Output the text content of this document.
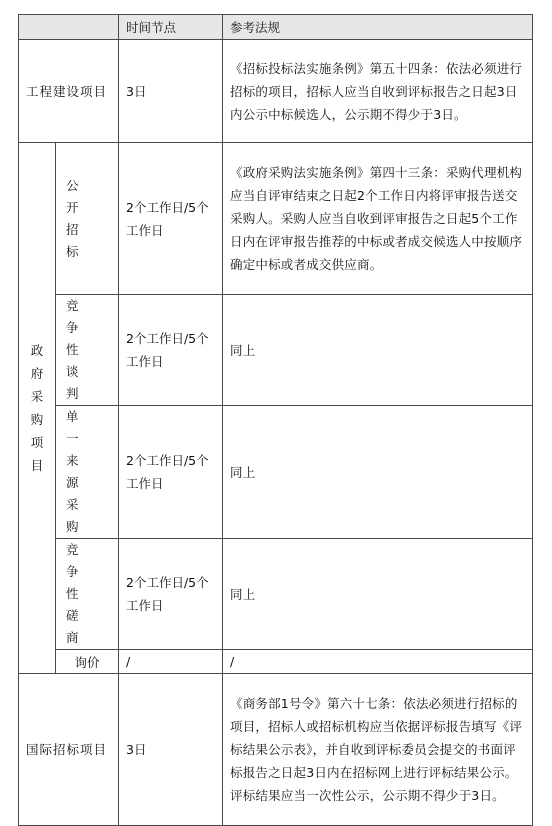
		时间节点	参考法规
工程建设项目		3日	《招标投标法实施条例》第五十四条：依法必须进行招标的项目，招标人应当自收到评标报告之日起3日内公示中标候选人，公示期不得少于3日。

政府采购项目	公开招标	2个工作日/5个工作日	《政府采购法实施条例》第四十三条：采购代理机构应当自评审结束之日起2个工作日内将评审报告送交采购人。采购人应当自收到评审报告之日起5个工作日内在评审报告推荐的中标或者成交候选人中按顺序确定中标或者成交供应商。
	竞争性谈判	2个工作日/5个工作日	同上
	单一来源采购	2个工作日/5个工作日	同上
	竞争性磋商	2个工作日/5个工作日	同上
	询价	/	/
国际招标项目		3日	《商务部1号令》第六十七条：依法必须进行招标的项目，招标人或招标机构应当依据评标报告填写《评标结果公示表》，并自收到评标委员会提交的书面评标报告之日起3日内在招标网上进行评标结果公示。评标结果应当一次性公示，公示期不得少于3日。
